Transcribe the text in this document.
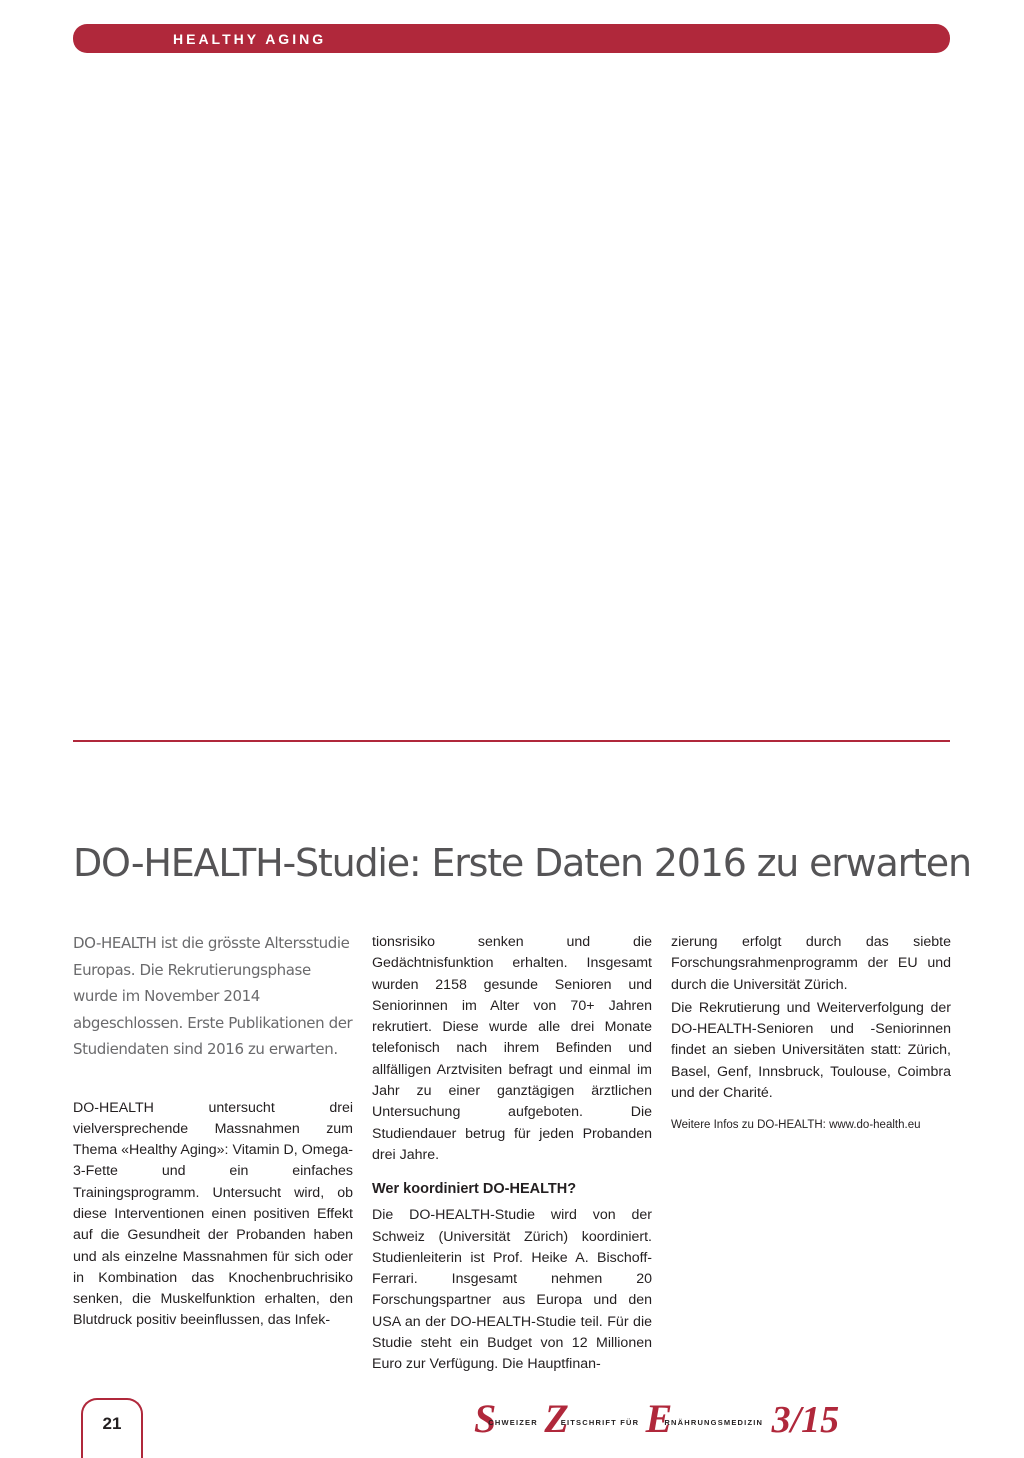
HEALTHY AGING
DO-HEALTH-Studie: Erste Daten 2016 zu erwarten

DO-HEALTH ist die grösste Altersstudie Europas. Die Rekrutierungsphase wurde im November 2014 abgeschlossen. Erste Publikationen der Studiendaten sind 2016 zu erwarten.

DO-HEALTH untersucht drei vielversprechende Massnahmen zum Thema «Healthy Aging»: Vitamin D, Omega-3-Fette und ein einfaches Trainingsprogramm. Untersucht wird, ob diese Interventionen einen positiven Effekt auf die Gesundheit der Probanden haben und als einzelne Massnahmen für sich oder in Kombination das Knochenbruchrisiko senken, die Muskelfunktion erhalten, den Blutdruck positiv beeinflussen, das Infek-

tionsrisiko senken und die Gedächtnisfunktion erhalten. Insgesamt wurden 2158 gesunde Senioren und Seniorinnen im Alter von 70+ Jahren rekrutiert. Diese wurde alle drei Monate telefonisch nach ihrem Befinden und allfälligen Arztvisiten befragt und einmal im Jahr zu einer ganztägigen ärztlichen Untersuchung aufgeboten. Die Studiendauer betrug für jeden Probanden drei Jahre.

Wer koordiniert DO-HEALTH?

Die DO-HEALTH-Studie wird von der Schweiz (Universität Zürich) koordiniert. Studienleiterin ist Prof. Heike A. Bischoff-Ferrari. Insgesamt nehmen 20 Forschungspartner aus Europa und den USA an der DO-HEALTH-Studie teil. Für die Studie steht ein Budget von 12 Millionen Euro zur Verfügung. Die Hauptfinan-

zierung erfolgt durch das siebte Forschungsrahmenprogramm der EU und durch die Universität Zürich.

Die Rekrutierung und Weiterverfolgung der DO-HEALTH-Senioren und -Seniorinnen findet an sieben Universitäten statt: Zürich, Basel, Genf, Innsbruck, Toulouse, Coimbra und der Charité.

Weitere Infos zu DO-HEALTH: www.do-health.eu
21	$S^{CHWEIZER}$ $Z^{EITSCHRIFT FÜR}$ $E^{RNÄHRUNGSMEDIZIN}$ 3/15
